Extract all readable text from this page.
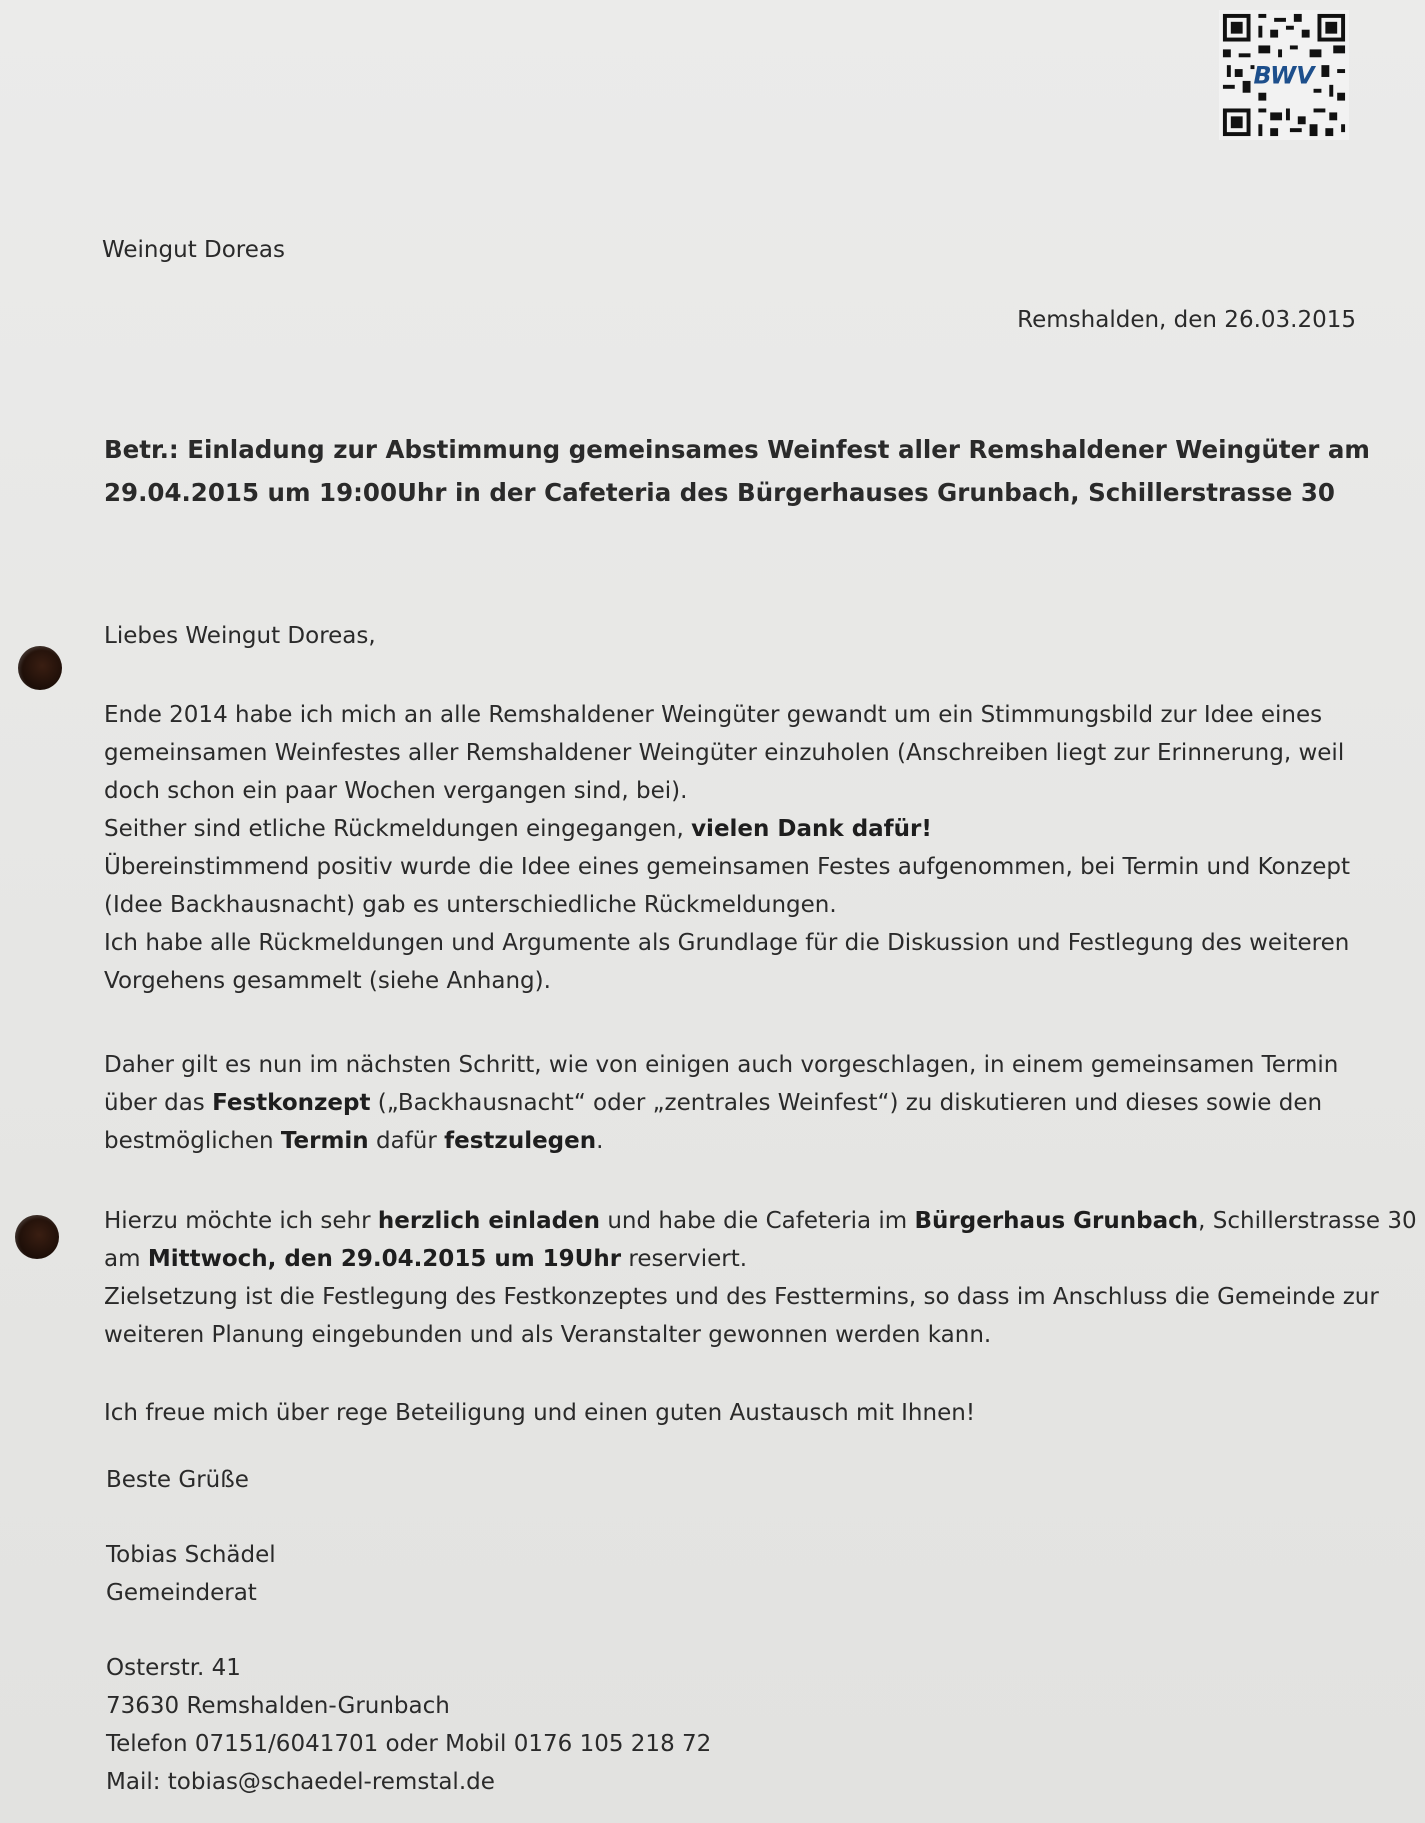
BWV
Weingut Doreas
Remshalden, den 26.03.2015
Betr.: Einladung zur Abstimmung gemeinsames Weinfest aller Remshaldener Weingüter am
29.04.2015 um 19:00Uhr in der Cafeteria des Bürgerhauses Grunbach, Schillerstrasse 30
Liebes Weingut Doreas,
Ende 2014 habe ich mich an alle Remshaldener Weingüter gewandt um ein Stimmungsbild zur Idee eines
gemeinsamen Weinfestes aller Remshaldener Weingüter einzuholen (Anschreiben liegt zur Erinnerung, weil
doch schon ein paar Wochen vergangen sind, bei).
Seither sind etliche Rückmeldungen eingegangen, vielen Dank dafür!
Übereinstimmend positiv wurde die Idee eines gemeinsamen Festes aufgenommen, bei Termin und Konzept
(Idee Backhausnacht) gab es unterschiedliche Rückmeldungen.
Ich habe alle Rückmeldungen und Argumente als Grundlage für die Diskussion und Festlegung des weiteren
Vorgehens gesammelt (siehe Anhang).
Daher gilt es nun im nächsten Schritt, wie von einigen auch vorgeschlagen, in einem gemeinsamen Termin
über das Festkonzept („Backhausnacht“ oder „zentrales Weinfest“) zu diskutieren und dieses sowie den
bestmöglichen Termin dafür festzulegen.
Hierzu möchte ich sehr herzlich einladen und habe die Cafeteria im Bürgerhaus Grunbach, Schillerstrasse 30
am Mittwoch, den 29.04.2015 um 19Uhr reserviert.
Zielsetzung ist die Festlegung des Festkonzeptes und des Festtermins, so dass im Anschluss die Gemeinde zur
weiteren Planung eingebunden und als Veranstalter gewonnen werden kann.
Ich freue mich über rege Beteiligung und einen guten Austausch mit Ihnen!
Beste Grüße
Tobias Schädel
Gemeinderat
Osterstr. 41
73630 Remshalden-Grunbach
Telefon 07151/6041701 oder Mobil 0176 105 218 72
Mail: tobias@schaedel-remstal.de
